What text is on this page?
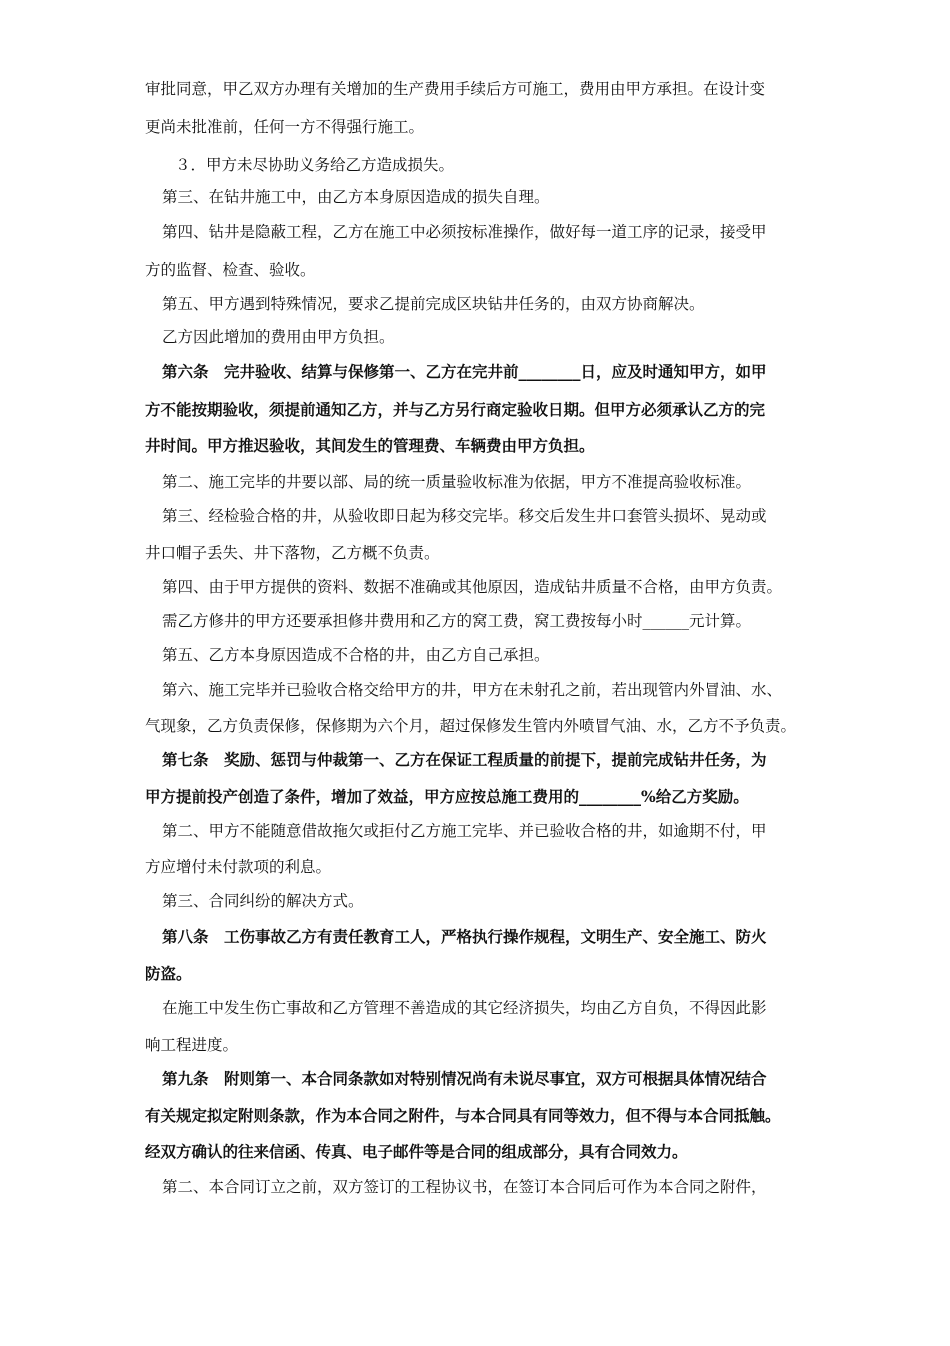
审批同意，甲乙双方办理有关增加的生产费用手续后方可施工，费用由甲方承担。在设计变

更尚未批准前，任何一方不得强行施工。

３．甲方未尽协助义务给乙方造成损失。

第三、在钻井施工中，由乙方本身原因造成的损失自理。

第四、钻井是隐蔽工程，乙方在施工中必须按标准操作，做好每一道工序的记录，接受甲

方的监督、检查、验收。

第五、甲方遇到特殊情况，要求乙提前完成区块钻井任务的，由双方协商解决。

乙方因此增加的费用由甲方负担。

第六条　完井验收、结算与保修第一、乙方在完井前________日，应及时通知甲方，如甲

方不能按期验收，须提前通知乙方，并与乙方另行商定验收日期。但甲方必须承认乙方的完

井时间。甲方推迟验收，其间发生的管理费、车辆费由甲方负担。

第二、施工完毕的井要以部、局的统一质量验收标准为依据，甲方不准提高验收标准。

第三、经检验合格的井，从验收即日起为移交完毕。移交后发生井口套管头损坏、晃动或

井口帽子丢失、井下落物，乙方概不负责。

第四、由于甲方提供的资料、数据不准确或其他原因，造成钻井质量不合格，由甲方负责。

需乙方修井的甲方还要承担修井费用和乙方的窝工费，窝工费按每小时______元计算。

第五、乙方本身原因造成不合格的井，由乙方自己承担。

第六、施工完毕并已验收合格交给甲方的井，甲方在未射孔之前，若出现管内外冒油、水、

气现象，乙方负责保修，保修期为六个月，超过保修发生管内外喷冒气油、水，乙方不予负责。

第七条　奖励、惩罚与仲裁第一、乙方在保证工程质量的前提下，提前完成钻井任务，为

甲方提前投产创造了条件，增加了效益，甲方应按总施工费用的________%给乙方奖励。

第二、甲方不能随意借故拖欠或拒付乙方施工完毕、并已验收合格的井，如逾期不付，甲

方应增付未付款项的利息。

第三、合同纠纷的解决方式。

第八条　工伤事故乙方有责任教育工人，严格执行操作规程，文明生产、安全施工、防火

防盗。

在施工中发生伤亡事故和乙方管理不善造成的其它经济损失，均由乙方自负，不得因此影

响工程进度。

第九条　附则第一、本合同条款如对特别情况尚有未说尽事宜，双方可根据具体情况结合

有关规定拟定附则条款，作为本合同之附件，与本合同具有同等效力，但不得与本合同抵触。

经双方确认的往来信函、传真、电子邮件等是合同的组成部分，具有合同效力。

第二、本合同订立之前，双方签订的工程协议书，在签订本合同后可作为本合同之附件，
